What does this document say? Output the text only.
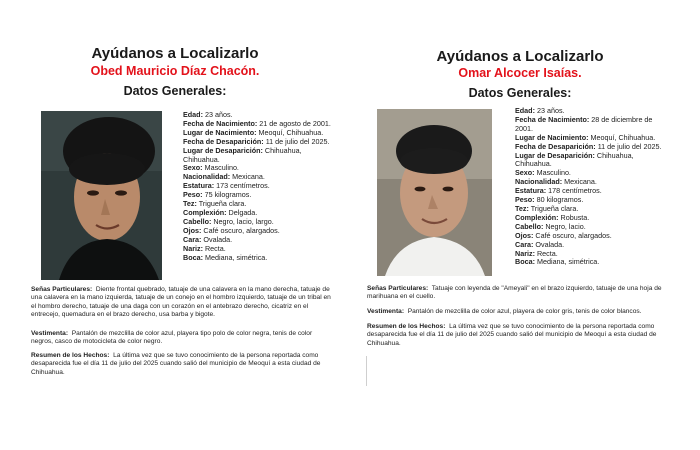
Ayúdanos a Localizarlo
Obed Mauricio Díaz Chacón.
Datos Generales:
Edad: 23 años.
Fecha de Nacimiento: 21 de agosto de 2001.
Lugar de Nacimiento: Meoquí, Chihuahua.
Fecha de Desaparición: 11 de julio del 2025.
Lugar de Desaparición: Chihuahua, Chihuahua.
Sexo: Masculino.
Nacionalidad: Mexicana.
Estatura: 173 centímetros.
Peso: 75 kilogramos.
Tez: Trigueña clara.
Complexión: Delgada.
Cabello: Negro, lacio, largo.
Ojos: Café oscuro, alargados.
Cara: Ovalada.
Nariz: Recta.
Boca: Mediana, simétrica.
Señas Particulares: Diente frontal quebrado, tatuaje de una calavera en la mano derecha, tatuaje de una calavera en la mano izquierda, tatuaje de un conejo en el hombro izquierdo, tatuaje de un tribal en el hombro derecho, tatuaje de una daga con un corazón en el antebrazo derecho, cicatriz en el entrecejo, quemadura en el brazo derecho, usa barba y bigote.
Vestimenta: Pantalón de mezclilla de color azul, playera tipo polo de color negra, tenis de color negros, casco de motocicleta de color negro.
Resumen de los Hechos: La última vez que se tuvo conocimiento de la persona reportada como desaparecida fue el día 11 de julio del 2025 cuando salió del municipio de Meoquí a esta ciudad de Chihuahua.
Ayúdanos a Localizarlo
Omar Alcocer Isaías.
Datos Generales:
Edad: 23 años.
Fecha de Nacimiento: 28 de diciembre de 2001.
Lugar de Nacimiento: Meoquí, Chihuahua.
Fecha de Desaparición: 11 de julio del 2025.
Lugar de Desaparición: Chihuahua, Chihuahua.
Sexo: Masculino.
Nacionalidad: Mexicana.
Estatura: 178 centímetros.
Peso: 80 kilogramos.
Tez: Trigueña clara.
Complexión: Robusta.
Cabello: Negro, lacio.
Ojos: Café oscuro, alargados.
Cara: Ovalada.
Nariz: Recta.
Boca: Mediana, simétrica.
Señas Particulares: Tatuaje con leyenda de "Ameyali" en el brazo izquierdo, tatuaje de una hoja de marihuana en el cuello.
Vestimenta: Pantalón de mezclilla de color azul, playera de color gris, tenis de color blancos.
Resumen de los Hechos: La última vez que se tuvo conocimiento de la persona reportada como desaparecida fue el día 11 de julio del 2025 cuando salió del municipio de Meoquí a esta ciudad de Chihuahua.
